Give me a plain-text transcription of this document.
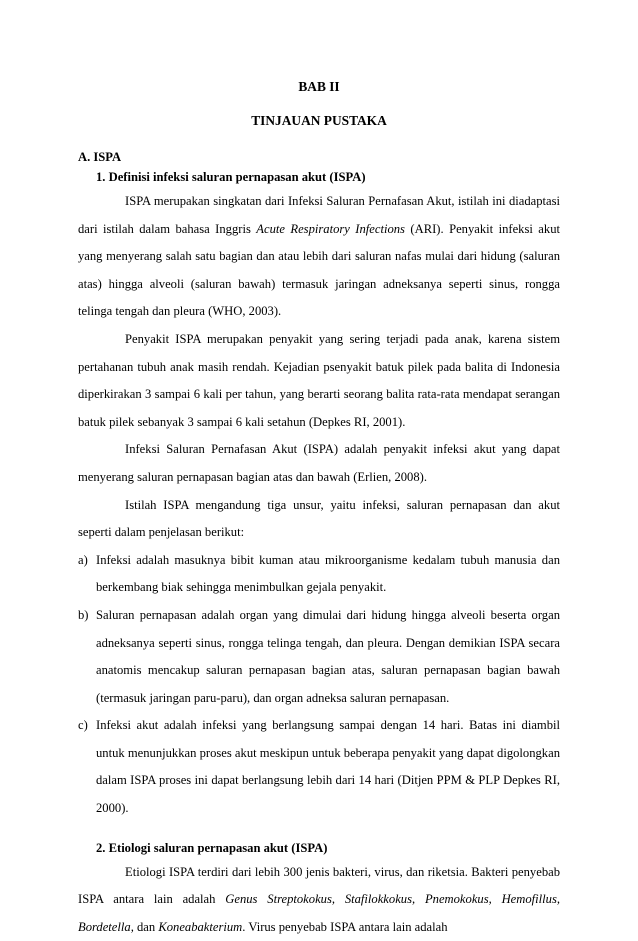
BAB II
TINJAUAN PUSTAKA

A. ISPA

1. Definisi infeksi saluran pernapasan akut (ISPA)

ISPA merupakan singkatan dari Infeksi Saluran Pernafasan Akut, istilah ini diadaptasi dari istilah dalam bahasa Inggris Acute Respiratory Infections (ARI). Penyakit infeksi akut yang menyerang salah satu bagian dan atau lebih dari saluran nafas mulai dari hidung (saluran atas) hingga alveoli (saluran bawah) termasuk jaringan adneksanya seperti sinus, rongga telinga tengah dan pleura (WHO, 2003).

Penyakit ISPA merupakan penyakit yang sering terjadi pada anak, karena sistem pertahanan tubuh anak masih rendah. Kejadian psenyakit batuk pilek pada balita di Indonesia diperkirakan 3 sampai 6 kali per tahun, yang berarti seorang balita rata-rata mendapat serangan batuk pilek sebanyak 3 sampai 6 kali setahun (Depkes RI, 2001).

Infeksi Saluran Pernafasan Akut (ISPA) adalah penyakit infeksi akut yang dapat menyerang saluran pernapasan bagian atas dan bawah (Erlien, 2008).

Istilah ISPA mengandung tiga unsur, yaitu infeksi, saluran pernapasan dan akut seperti dalam penjelasan berikut:

a) Infeksi adalah masuknya bibit kuman atau mikroorganisme kedalam tubuh manusia dan berkembang biak sehingga menimbulkan gejala penyakit.
b) Saluran pernapasan adalah organ yang dimulai dari hidung hingga alveoli beserta organ adneksanya seperti sinus, rongga telinga tengah, dan pleura. Dengan demikian ISPA secara anatomis mencakup saluran pernapasan bagian atas, saluran pernapasan bagian bawah (termasuk jaringan paru-paru), dan organ adneksa saluran pernapasan.
c) Infeksi akut adalah infeksi yang berlangsung sampai dengan 14 hari. Batas ini diambil untuk menunjukkan proses akut meskipun untuk beberapa penyakit yang dapat digolongkan dalam ISPA proses ini dapat berlangsung lebih dari 14 hari (Ditjen PPM & PLP Depkes RI, 2000).

2. Etiologi saluran pernapasan akut (ISPA)

Etiologi ISPA terdiri dari lebih 300 jenis bakteri, virus, dan riketsia. Bakteri penyebab ISPA antara lain adalah Genus Streptokokus, Stafilokkokus, Pnemokokus, Hemofillus, Bordetella, dan Koneabakterium. Virus penyebab ISPA antara lain adalah
